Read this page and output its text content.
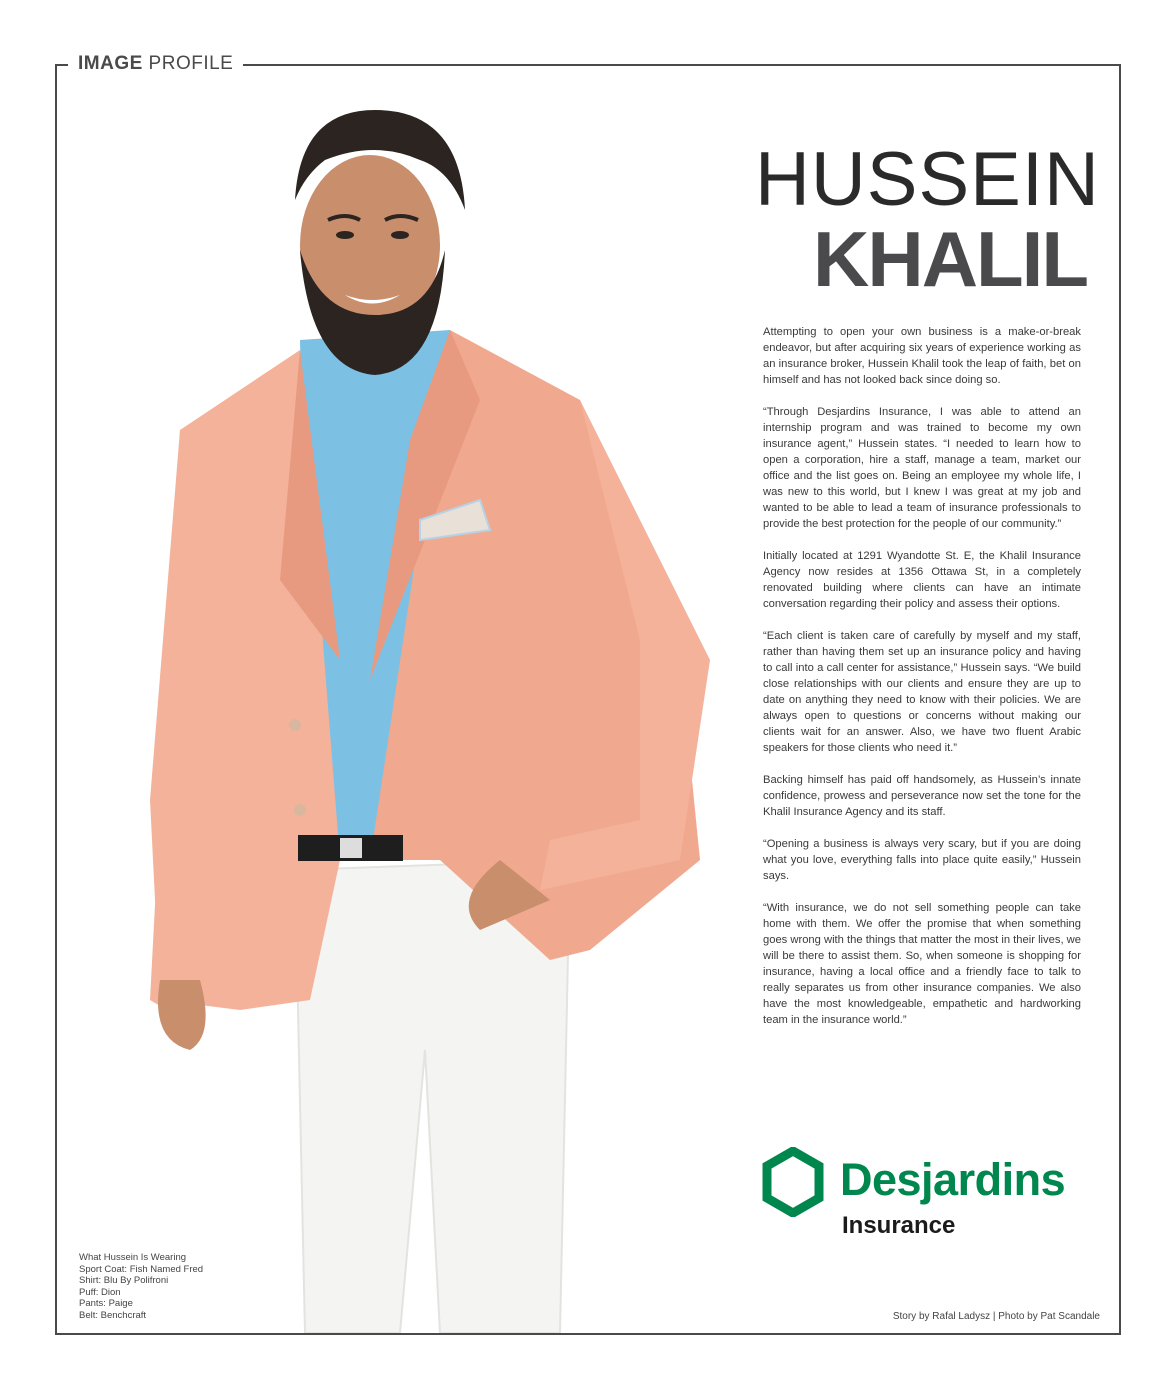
IMAGE PROFILE
HUSSEIN
KHALIL

Attempting to open your own business is a make-or-break endeavor, but after acquiring six years of experience working as an insurance broker, Hussein Khalil took the leap of faith, bet on himself and has not looked back since doing so.

“Through Desjardins Insurance, I was able to attend an internship program and was trained to become my own insurance agent,” Hussein states. “I needed to learn how to open a corporation, hire a staff, manage a team, market our office and the list goes on. Being an employee my whole life, I was new to this world, but I knew I was great at my job and wanted to be able to lead a team of insurance professionals to provide the best protection for the people of our community.”

Initially located at 1291 Wyandotte St. E, the Khalil Insurance Agency now resides at 1356 Ottawa St, in a completely renovated building where clients can have an intimate conversation regarding their policy and assess their options.

“Each client is taken care of carefully by myself and my staff, rather than having them set up an insurance policy and having to call into a call center for assistance,” Hussein says. “We build close relationships with our clients and ensure they are up to date on anything they need to know with their policies. We are always open to questions or concerns without making our clients wait for an answer. Also, we have two fluent Arabic speakers for those clients who need it.”

Backing himself has paid off handsomely, as Hussein’s innate confidence, prowess and perseverance now set the tone for the Khalil Insurance Agency and its staff.

“Opening a business is always very scary, but if you are doing what you love, everything falls into place quite easily,” Hussein says.

“With insurance, we do not sell something people can take home with them. We offer the promise that when something goes wrong with the things that matter the most in their lives, we will be there to assist them. So, when someone is shopping for insurance, having a local office and a friendly face to talk to really separates us from other insurance companies. We also have the most knowledgeable, empathetic and hardworking team in the insurance world.”

Desjardins
Insurance
What Hussein Is Wearing
Sport Coat: Fish Named Fred
Shirt: Blu By Polifroni
Puff: Dion
Pants: Paige
Belt: Benchcraft	Story by Rafal Ladysz | Photo by Pat Scandale
